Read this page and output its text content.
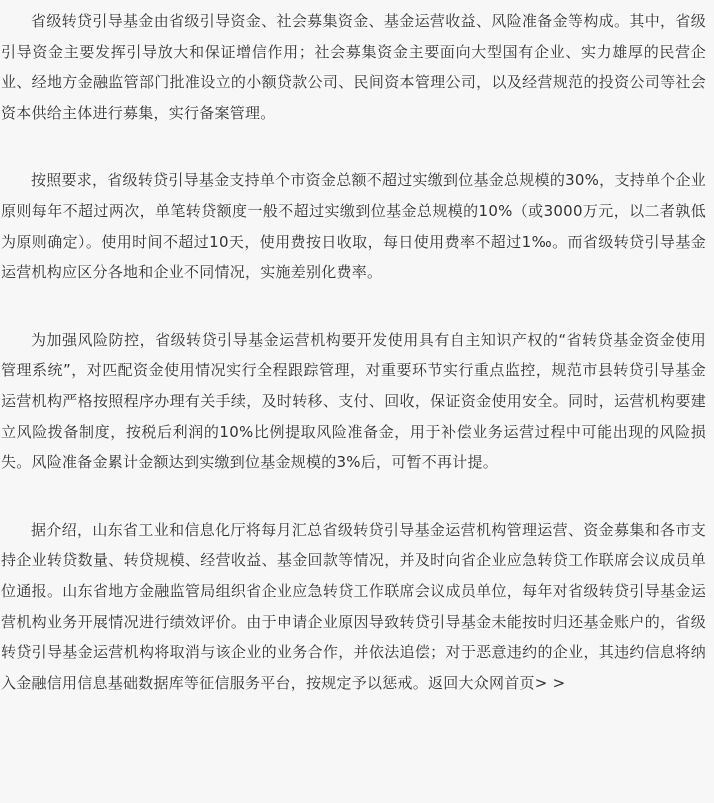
省级转贷引导基金由省级引导资金、社会募集资金、基金运营收益、风险准备金等构成。其中，省级引导资金主要发挥引导放大和保证增信作用；社会募集资金主要面向大型国有企业、实力雄厚的民营企业、经地方金融监管部门批准设立的小额贷款公司、民间资本管理公司，以及经营规范的投资公司等社会资本供给主体进行募集，实行备案管理。

按照要求，省级转贷引导基金支持单个市资金总额不超过实缴到位基金总规模的30%，支持单个企业原则每年不超过两次，单笔转贷额度一般不超过实缴到位基金总规模的10%（或3000万元，以二者孰低为原则确定）。使用时间不超过10天，使用费按日收取，每日使用费率不超过1‰。而省级转贷引导基金运营机构应区分各地和企业不同情况，实施差别化费率。

为加强风险防控，省级转贷引导基金运营机构要开发使用具有自主知识产权的“省转贷基金资金使用管理系统”，对匹配资金使用情况实行全程跟踪管理，对重要环节实行重点监控，规范市县转贷引导基金运营机构严格按照程序办理有关手续，及时转移、支付、回收，保证资金使用安全。同时，运营机构要建立风险拨备制度，按税后利润的10%比例提取风险准备金，用于补偿业务运营过程中可能出现的风险损失。风险准备金累计金额达到实缴到位基金规模的3%后，可暂不再计提。

据介绍，山东省工业和信息化厅将每月汇总省级转贷引导基金运营机构管理运营、资金募集和各市支持企业转贷数量、转贷规模、经营收益、基金回款等情况，并及时向省企业应急转贷工作联席会议成员单位通报。山东省地方金融监管局组织省企业应急转贷工作联席会议成员单位，每年对省级转贷引导基金运营机构业务开展情况进行绩效评价。由于申请企业原因导致转贷引导基金未能按时归还基金账户的，省级转贷引导基金运营机构将取消与该企业的业务合作，并依法追偿；对于恶意违约的企业，其违约信息将纳入金融信用信息基础数据库等征信服务平台，按规定予以惩戒。返回大众网首页> >
